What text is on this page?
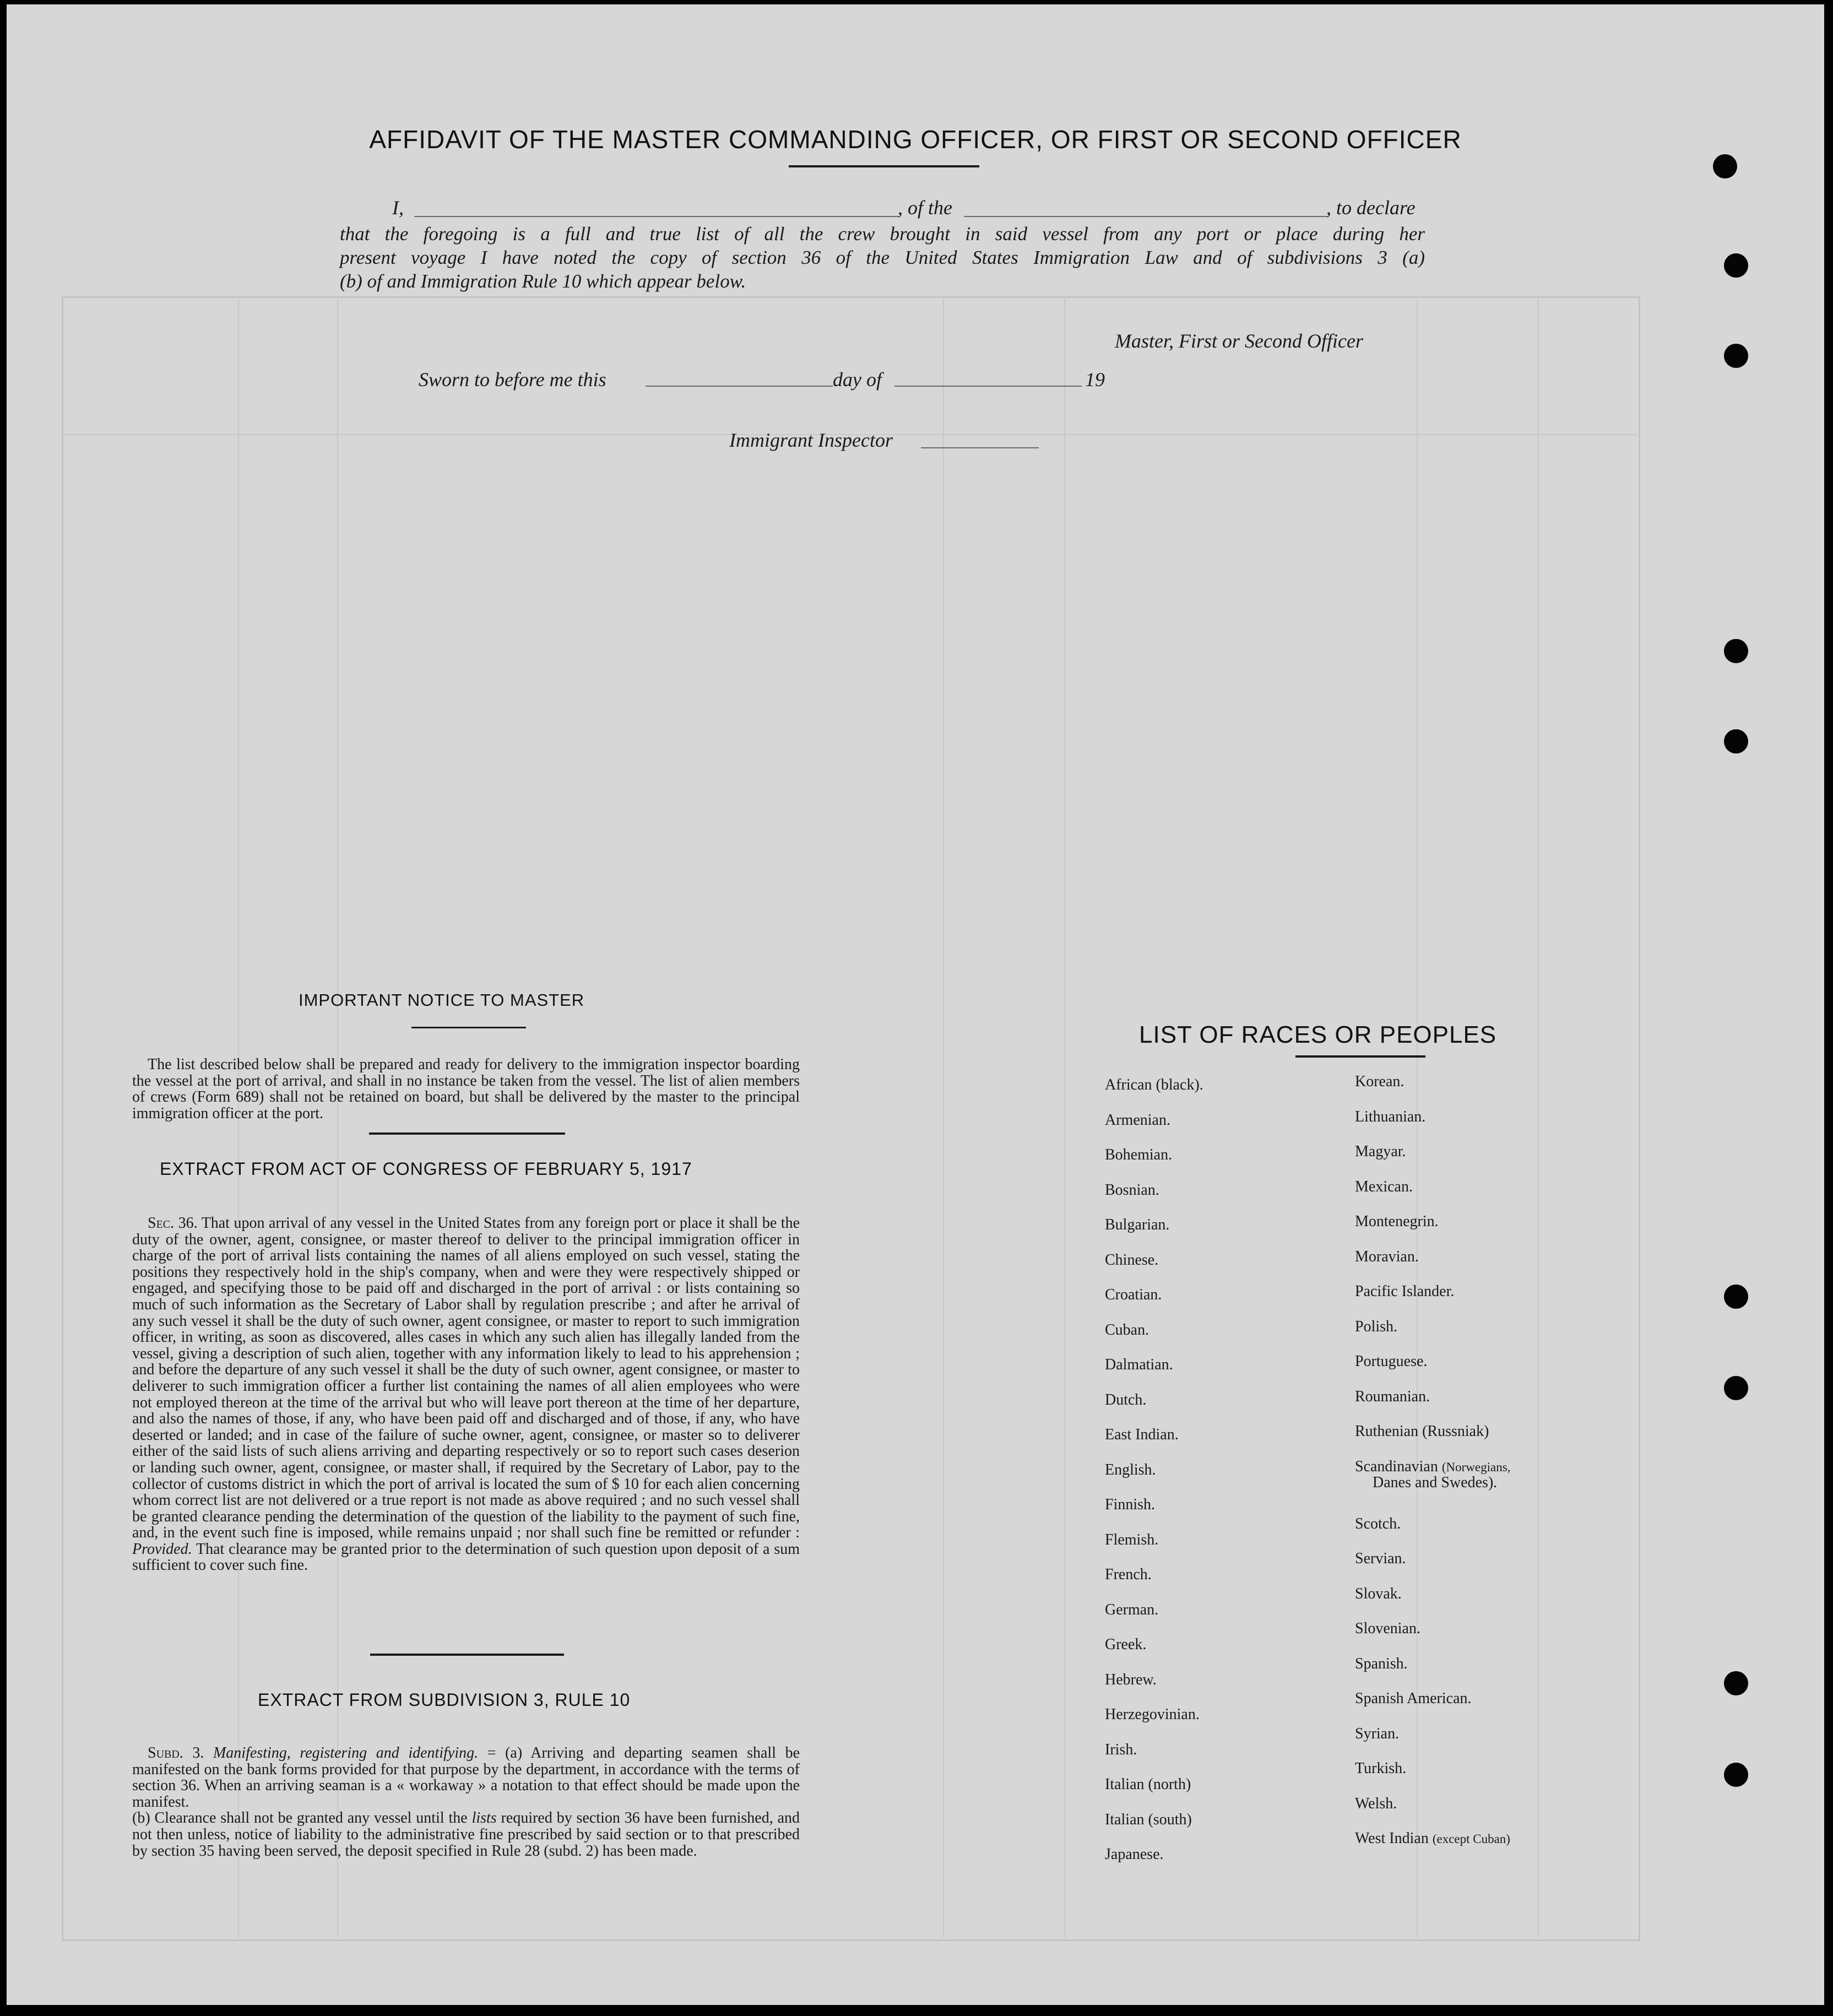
AFFIDAVIT OF THE MASTER COMMANDING OFFICER, OR FIRST OR SECOND OFFICER
I,	, of the	, to declare
that the foregoing is a full and true list of all the crew brought in said vessel from any port or place during her
present voyage I have noted the copy of section 36 of the United States Immigration Law and of subdivisions 3 (a)
(b) of and Immigration Rule 10 which appear below.
Master, First or Second Officer
Sworn to before me this	day of	19
Immigrant Inspector
IMPORTANT NOTICE TO MASTER

The list described below shall be prepared and ready for delivery to the immigration inspector boarding the vessel at the port of arrival, and shall in no instance be taken from the vessel. The list of alien members of crews (Form 689) shall not be retained on board, but shall be delivered by the master to the principal immigration officer at the port.

EXTRACT FROM ACT OF CONGRESS OF FEBRUARY 5, 1917

Sec. 36. That upon arrival of any vessel in the United States from any foreign port or place it shall be the duty of the owner, agent, consignee, or master thereof to deliver to the principal immigration officer in charge of the port of arrival lists containing the names of all aliens employed on such vessel, stating the positions they respectively hold in the ship's company, when and were they were respectively shipped or engaged, and specifying those to be paid off and discharged in the port of arrival : or lists containing so much of such information as the Secretary of Labor shall by regulation prescribe ; and after he arrival of any such vessel it shall be the duty of such owner, agent consignee, or master to report to such immigration officer, in writing, as soon as discovered, alles cases in which any such alien has illegally landed from the vessel, giving a description of such alien, together with any information likely to lead to his apprehension ; and before the departure of any such vessel it shall be the duty of such owner, agent consignee, or master to deliverer to such immigration officer a further list containing the names of all alien employees who were not employed thereon at the time of the arrival but who will leave port thereon at the time of her departure, and also the names of those, if any, who have been paid off and discharged and of those, if any, who have deserted or landed; and in case of the failure of suche owner, agent, consignee, or master so to deliverer either of the said lists of such aliens arriving and departing respectively or so to report such cases deserion or landing such owner, agent, consignee, or master shall, if required by the Secretary of Labor, pay to the collector of customs district in which the port of arrival is located the sum of $ 10 for each alien concerning whom correct list are not delivered or a true report is not made as above required ; and no such vessel shall be granted clearance pending the determination of the question of the liability to the payment of such fine, and, in the event such fine is imposed, while remains unpaid ; nor shall such fine be remitted or refunder : Provided. That clearance may be granted prior to the determination of such question upon deposit of a sum sufficient to cover such fine.

EXTRACT FROM SUBDIVISION 3, RULE 10

Subd. 3. Manifesting, registering and identifying. = (a) Arriving and departing seamen shall be manifested on the bank forms provided for that purpose by the department, in accordance with the terms of section 36. When an arriving seaman is a « workaway » a notation to that effect should be made upon the manifest.

(b) Clearance shall not be granted any vessel until the lists required by section 36 have been furnished, and not then unless, notice of liability to the administrative fine prescribed by said section or to that prescribed by section 35 having been served, the deposit specified in Rule 28 (subd. 2) has been made.

LIST OF RACES OR PEOPLES
African (black).
Armenian.
Bohemian.
Bosnian.
Bulgarian.
Chinese.
Croatian.
Cuban.
Dalmatian.
Dutch.
East Indian.
English.
Finnish.
Flemish.
French.
German.
Greek.
Hebrew.
Herzegovinian.
Irish.
Italian (north)
Italian (south)
Japanese.
Korean.
Lithuanian.
Magyar.
Mexican.
Montenegrin.
Moravian.
Pacific Islander.
Polish.
Portuguese.
Roumanian.
Ruthenian (Russniak)
Scandinavian (Norwegians,
Danes and Swedes).
Scotch.
Servian.
Slovak.
Slovenian.
Spanish.
Spanish American.
Syrian.
Turkish.
Welsh.
West Indian (except Cuban)
